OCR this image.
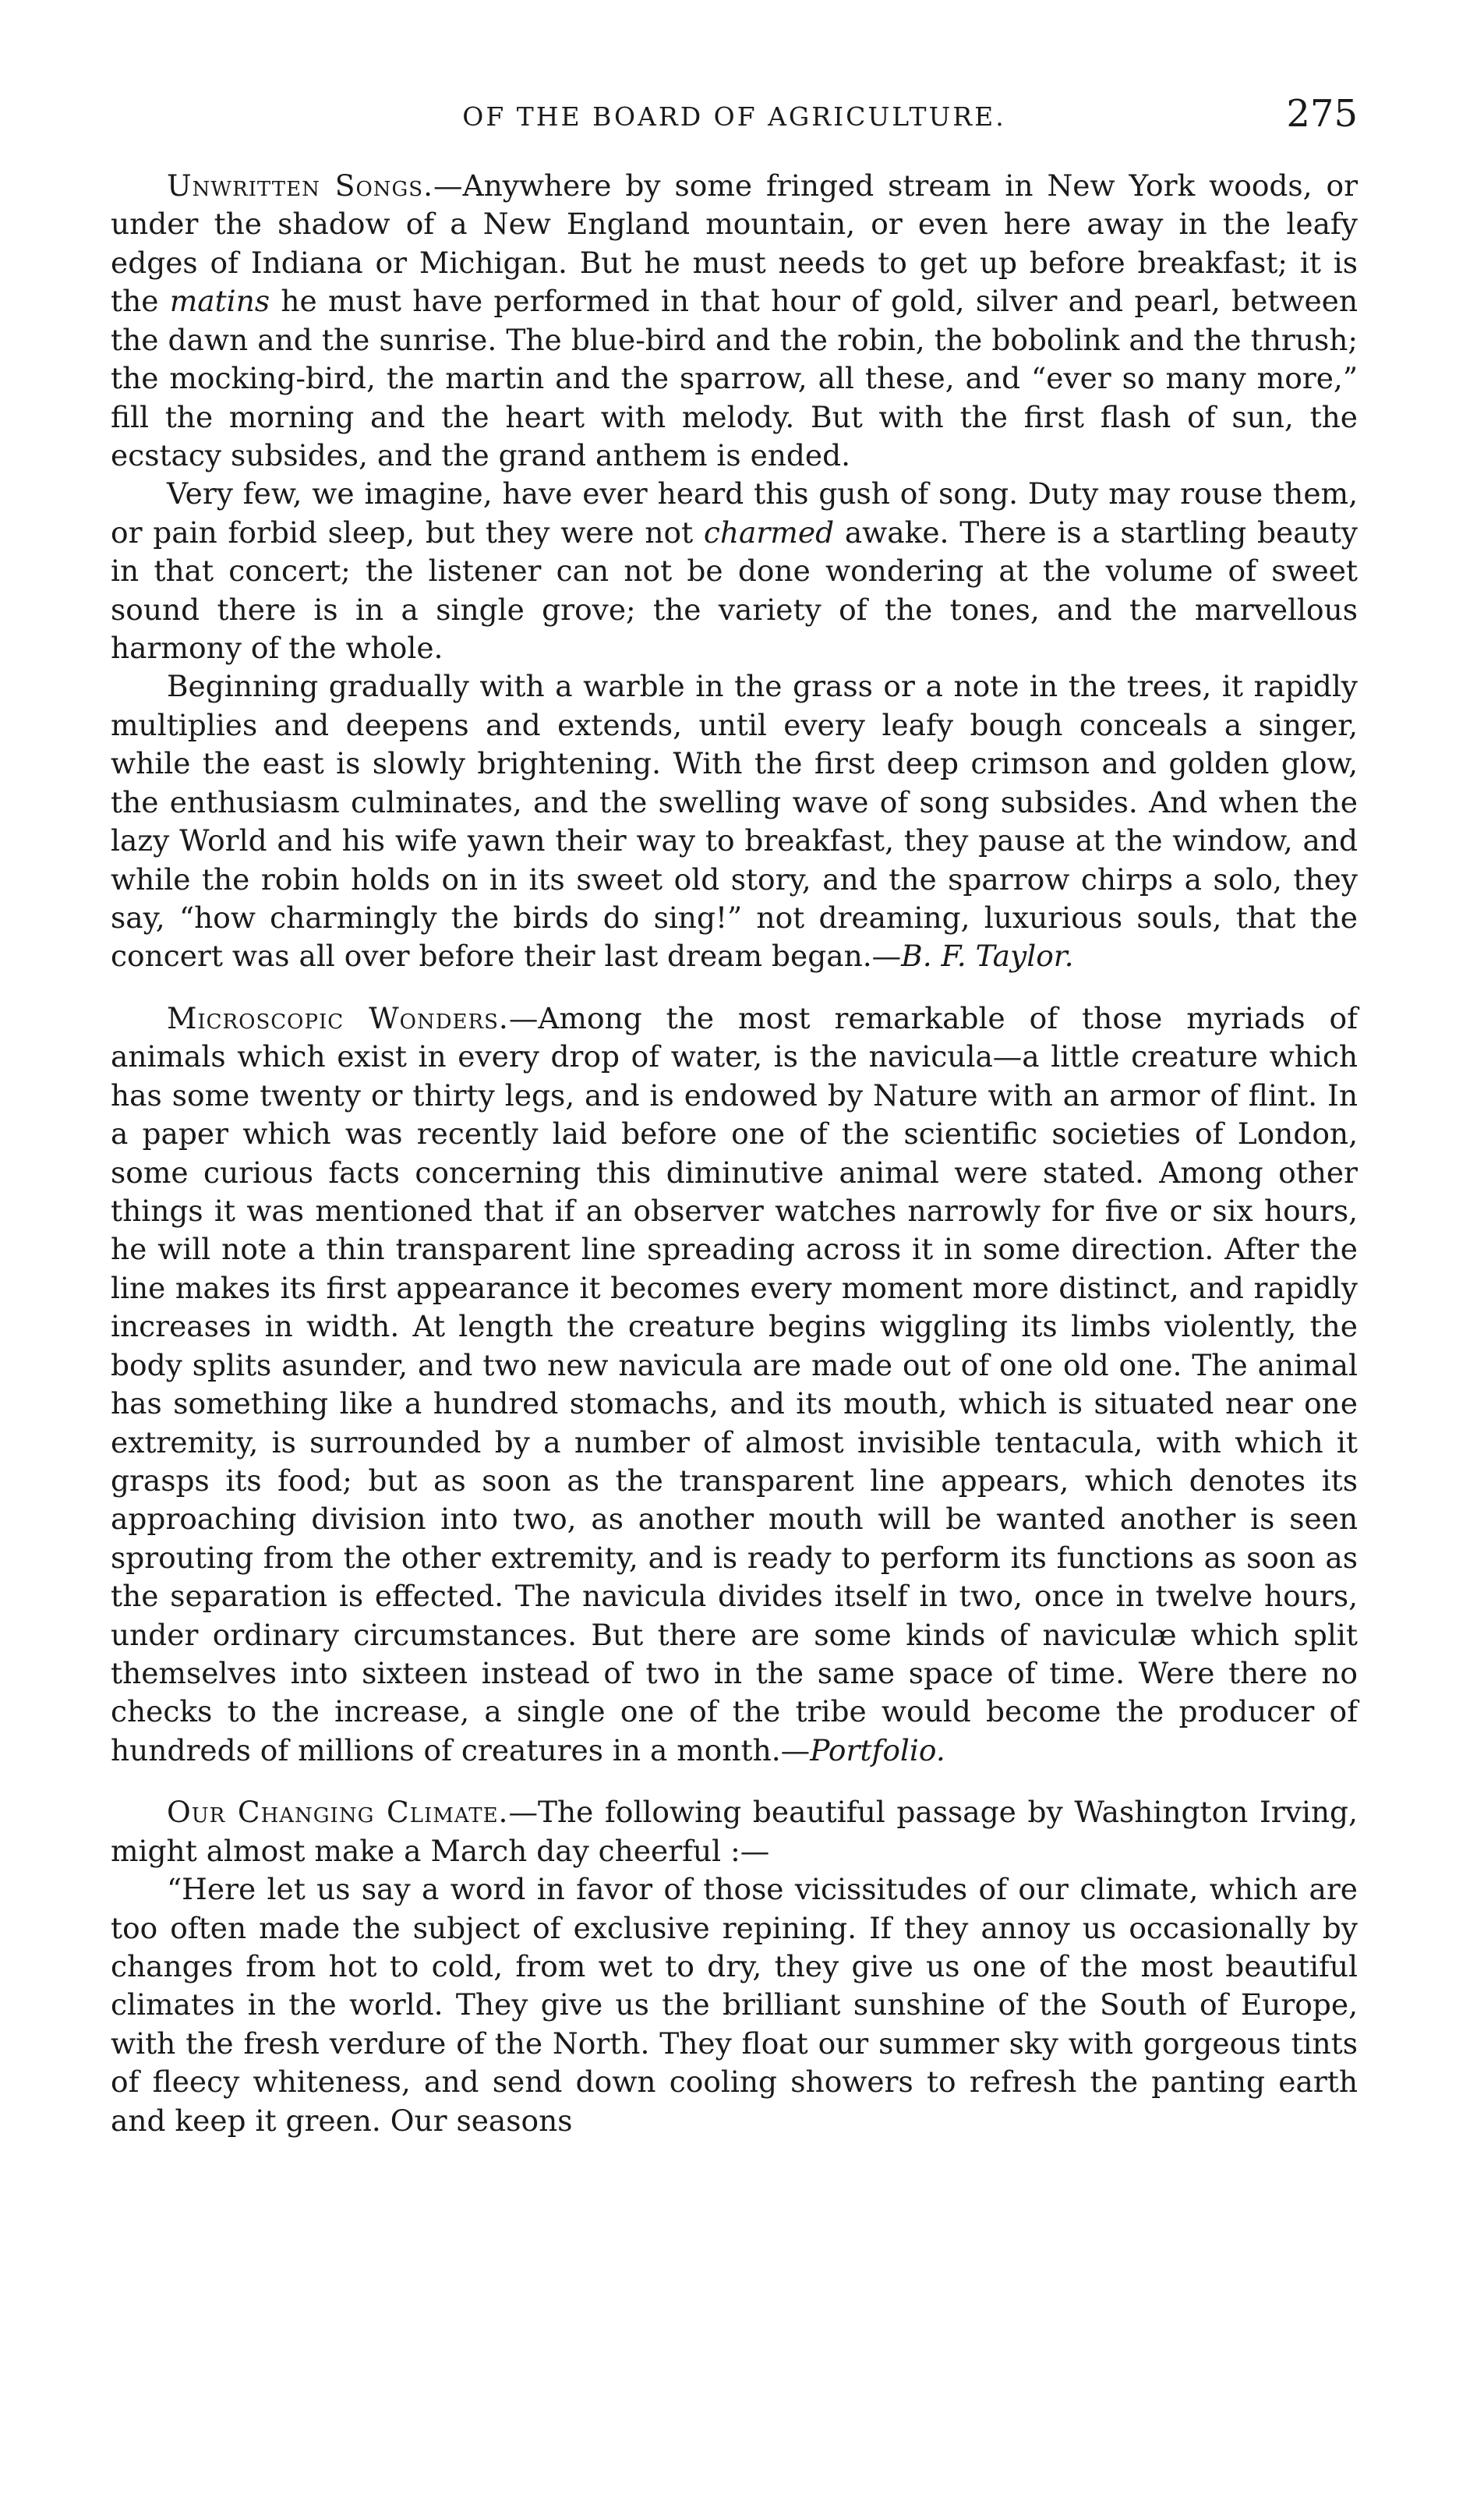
OF THE BOARD OF AGRICULTURE.	275

Unwritten Songs.—Anywhere by some fringed stream in New York woods, or under the shadow of a New England mountain, or even here away in the leafy edges of Indiana or Michigan. But he must needs to get up before breakfast; it is the matins he must have performed in that hour of gold, silver and pearl, between the dawn and the sunrise. The blue-bird and the robin, the bobolink and the thrush; the mocking-bird, the martin and the sparrow, all these, and “ever so many more,” fill the morning and the heart with melody. But with the first flash of sun, the ecstacy subsides, and the grand anthem is ended.

Very few, we imagine, have ever heard this gush of song. Duty may rouse them, or pain forbid sleep, but they were not charmed awake. There is a startling beauty in that concert; the listener can not be done wondering at the volume of sweet sound there is in a single grove; the variety of the tones, and the marvellous harmony of the whole.

Beginning gradually with a warble in the grass or a note in the trees, it rapidly multiplies and deepens and extends, until every leafy bough conceals a singer, while the east is slowly brightening. With the first deep crimson and golden glow, the enthusiasm culminates, and the swelling wave of song subsides. And when the lazy World and his wife yawn their way to breakfast, they pause at the window, and while the robin holds on in its sweet old story, and the sparrow chirps a solo, they say, “how charmingly the birds do sing!” not dreaming, luxurious souls, that the concert was all over before their last dream began.—B. F. Taylor.

Microscopic Wonders.—Among the most remarkable of those myriads of animals which exist in every drop of water, is the navicula—a little creature which has some twenty or thirty legs, and is endowed by Nature with an armor of flint. In a paper which was recently laid before one of the scientific societies of London, some curious facts concerning this diminutive animal were stated. Among other things it was mentioned that if an observer watches narrowly for five or six hours, he will note a thin transparent line spreading across it in some direction. After the line makes its first appearance it becomes every moment more distinct, and rapidly increases in width. At length the creature begins wiggling its limbs violently, the body splits asunder, and two new navicula are made out of one old one. The animal has something like a hundred stomachs, and its mouth, which is situated near one extremity, is surrounded by a number of almost invisible tentacula, with which it grasps its food; but as soon as the transparent line appears, which denotes its approaching division into two, as another mouth will be wanted another is seen sprouting from the other extremity, and is ready to perform its functions as soon as the separation is effected. The navicula divides itself in two, once in twelve hours, under ordinary circumstances. But there are some kinds of naviculæ which split themselves into sixteen instead of two in the same space of time. Were there no checks to the increase, a single one of the tribe would become the producer of hundreds of millions of creatures in a month.—Portfolio.

Our Changing Climate.—The following beautiful passage by Washington Irving, might almost make a March day cheerful :—

“Here let us say a word in favor of those vicissitudes of our climate, which are too often made the subject of exclusive repining. If they annoy us occasionally by changes from hot to cold, from wet to dry, they give us one of the most beautiful climates in the world. They give us the brilliant sunshine of the South of Europe, with the fresh verdure of the North. They float our summer sky with gorgeous tints of fleecy whiteness, and send down cooling showers to refresh the panting earth and keep it green. Our seasons
